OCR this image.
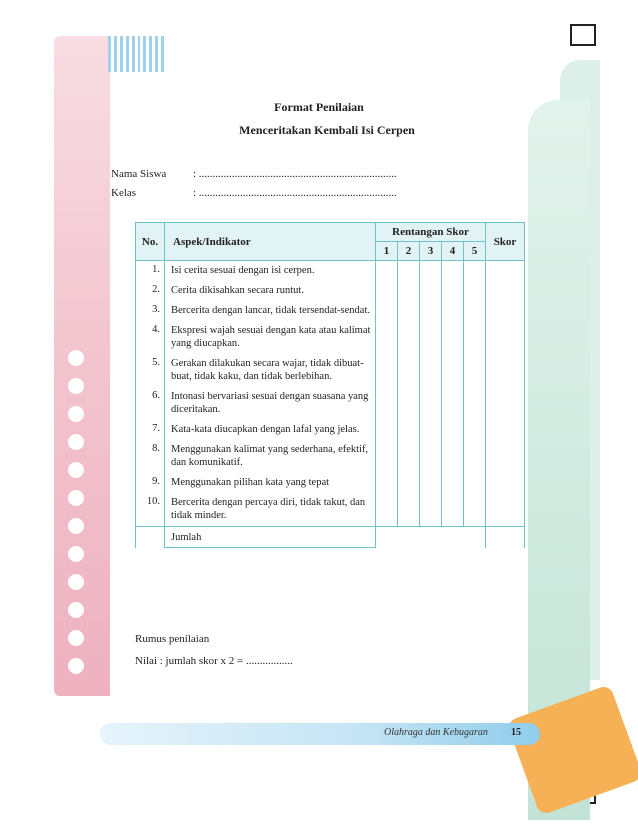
Format Penilaian
Menceritakan Kembali Isi Cerpen
Nama Siswa : ........................................................................
Kelas	: ........................................................................
No.	Aspek/Indikator	Rentangan Skor					Skor
		1	2	3	4	5	
1.	Isi cerita sesuai dengan isi cerpen.						
2.	Cerita dikisahkan secara runtut.						
3.	Bercerita dengan lancar, tidak tersendat-sendat.						
4.	Ekspresi wajah sesuai dengan kata atau kalimat yang diucapkan.						
5.	Gerakan dilakukan secara wajar, tidak dibuat-buat, tidak kaku, dan tidak berlebihan.						
6.	Intonasi bervariasi sesuai dengan suasana yang diceritakan.						
7.	Kata-kata diucapkan dengan lafal yang jelas.						
8.	Menggunakan kalimat yang sederhana, efektif, dan komunikatif.						
9.	Menggunakan pilihan kata yang tepat						
10.	Bercerita dengan percaya diri, tidak takut, dan tidak minder.						
	Jumlah						
Rumus penilaian
Nilai : jumlah skor x 2 = .................
Olahraga dan Kebugaran 15
